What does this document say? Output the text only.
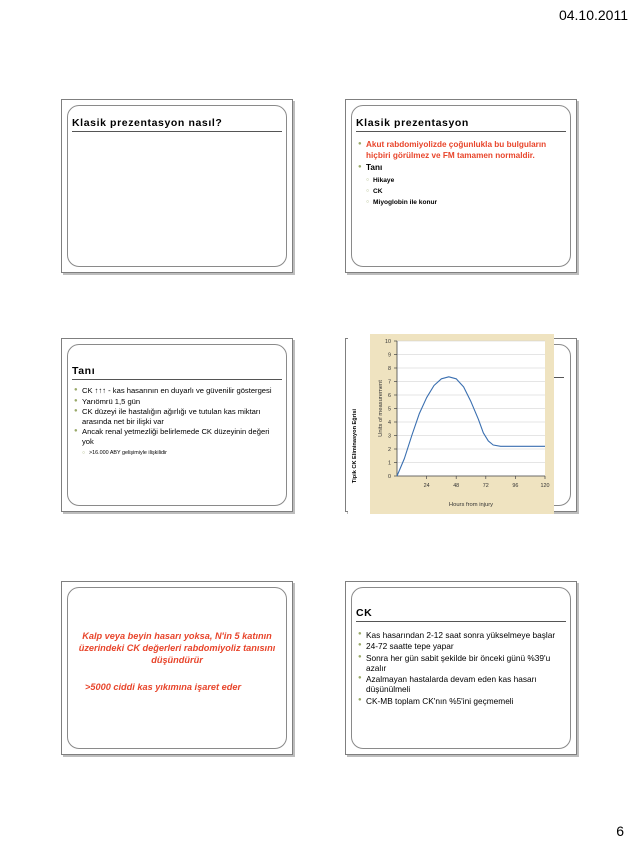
04.10.2011
Klasik prezentasyon nasıl?	Klasik prezentasyon
● Akut rabdomiyolizde çoğunlukla bu bulguların hiçbiri görülmez ve FM tamamen normaldir.
● Tanı
○ Hikaye
○ CK
○ Miyoglobin ile konur
Tanı
● CK ↑↑↑ - kas hasarının en duyarlı ve güvenilir göstergesi
● Yarıömrü 1,5 gün
● CK düzeyi ile hastalığın ağırlığı ve tutulan kas miktarı arasında net bir ilişki var
● Ancak renal yetmezliği belirlemede CK düzeyinin değeri yok
○ >16.000 ABY gelişimiyle ilişkilidir	Tipik CK Eliminasyon Eğrisi	0
1
2
3
4
5
6
7
8
9
10
24	48	72	96	120
Hours from injury
Units of measurement
Kalp veya beyin hasarı yoksa, N'in 5 katının üzerindeki CK değerleri rabdomiyoliz tanısını düşündürür
>5000 ciddi kas yıkımına işaret eder
CK
● Kas hasarından 2-12 saat sonra yükselmeye başlar
● 24-72 saatte tepe yapar
● Sonra her gün sabit şekilde bir önceki günü %39'u azalır
● Azalmayan hastalarda devam eden kas hasarı düşünülmeli
● CK-MB toplam CK'nın %5'ini geçmemeli
6
